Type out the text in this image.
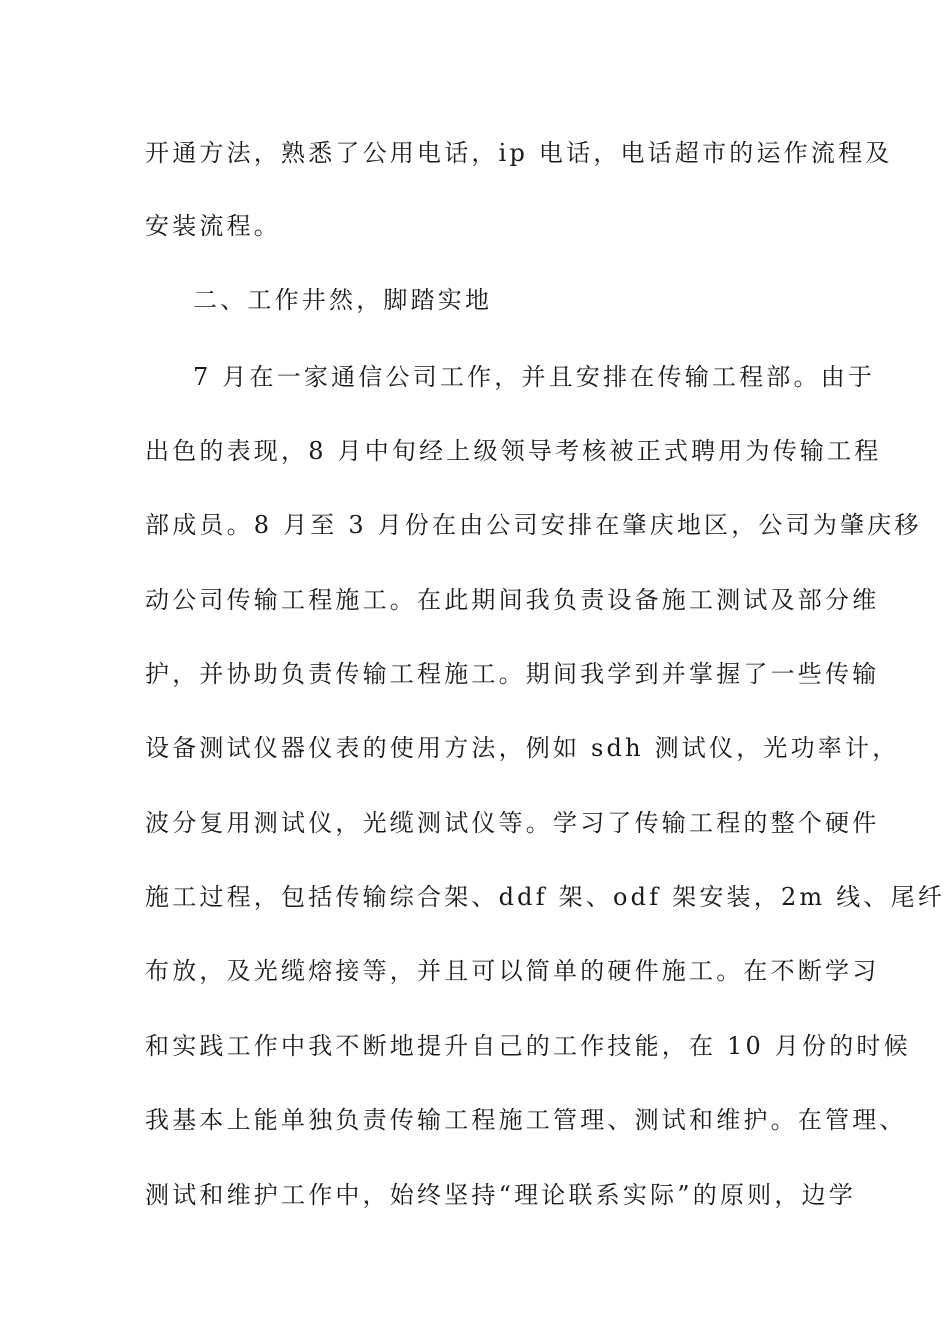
开通方法，熟悉了公用电话，ip 电话，电话超市的运作流程及
安装流程。
二、工作井然，脚踏实地
7 月在一家通信公司工作，并且安排在传输工程部。由于
出色的表现，8 月中旬经上级领导考核被正式聘用为传输工程
部成员。8 月至 3 月份在由公司安排在肇庆地区，公司为肇庆移
动公司传输工程施工。在此期间我负责设备施工测试及部分维
护，并协助负责传输工程施工。期间我学到并掌握了一些传输
设备测试仪器仪表的使用方法，例如 sdh 测试仪，光功率计，
波分复用测试仪，光缆测试仪等。学习了传输工程的整个硬件
施工过程，包括传输综合架、ddf 架、odf 架安装，2m 线、尾纤
布放，及光缆熔接等，并且可以简单的硬件施工。在不断学习
和实践工作中我不断地提升自己的工作技能，在 10 月份的时候
我基本上能单独负责传输工程施工管理、测试和维护。在管理、
测试和维护工作中，始终坚持“理论联系实际”的原则，边学
